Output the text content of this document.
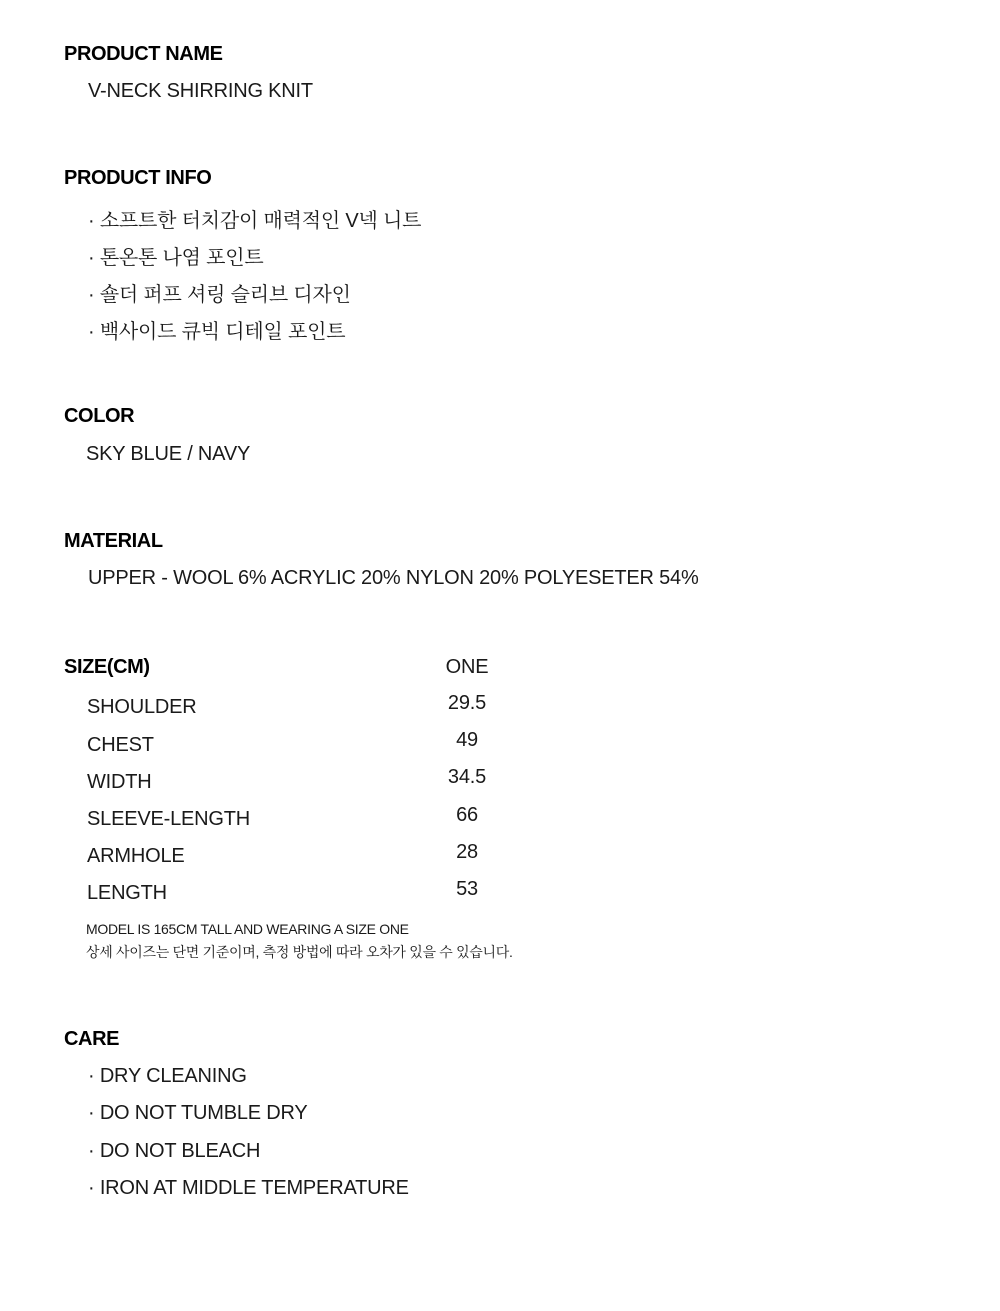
PRODUCT NAME
V-NECK SHIRRING KNIT
PRODUCT INFO
· 소프트한 터치감이 매력적인 V넥 니트
· 톤온톤 나염 포인트
· 숄더 퍼프 셔링 슬리브 디자인
· 백사이드 큐빅 디테일 포인트
COLOR
SKY BLUE / NAVY
MATERIAL
UPPER - WOOL 6% ACRYLIC 20% NYLON 20% POLYESETER 54%
SIZE(CM)	ONE
SHOULDER	29.5
CHEST	49
WIDTH	34.5
SLEEVE-LENGTH	66
ARMHOLE	28
LENGTH	53
MODEL IS 165CM TALL AND WEARING A SIZE ONE
상세 사이즈는 단면 기준이며, 측정 방법에 따라 오차가 있을 수 있습니다.
CARE
· DRY CLEANING
· DO NOT TUMBLE DRY
· DO NOT BLEACH
· IRON AT MIDDLE TEMPERATURE
